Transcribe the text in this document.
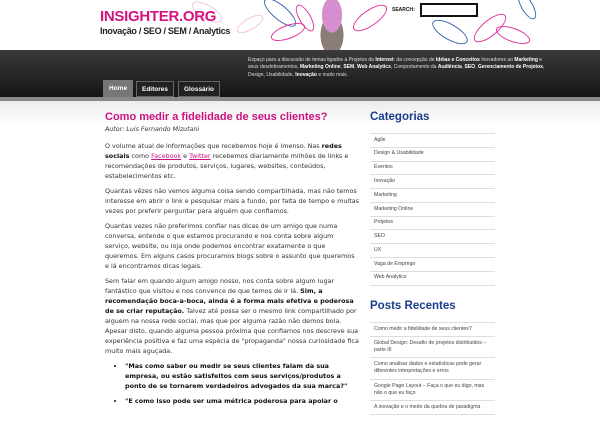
INSIGHTER.ORG
Inovação / SEO / SEM / Analytics
SEARCH:
Espaço para a discussão de temas ligados à Projetos da Internet: da concepção de Idéias e Conceitos Inovadores ao Marketing e seus desdobramentos, Marketing Online, SEM, Web Analytics, Comportamento da Audiência, SEO, Gerenciamento de Projetos, Design, Usabilidade, Inovação e muito mais.
Home	Editores	Glossário
Como medir a fidelidade de seus clientes?
Autor: Luis Fernando Mizutani

O volume atual de informações que recebemos hoje é imenso. Nas redes sociais como Facebook e Twitter recebemos diariamente milhões de links e recomendações de produtos, serviços, lugares, websites, conteúdos, estabelecimentos etc.

Quantas vêzes não vemos alguma coisa sendo compartilhada, mas não temos interesse em abrir o link e pesquisar mais a fundo, por falta de tempo e muitas vezes por preferir perguntar para alguém que confiamos.

Quantas vezes não preferimos confiar nas dicas de um amigo que numa conversa, entende o que estamos procurando e nos conta sobre algum serviço, website, ou loja onde podemos encontrar exatamente o que queremos. Em alguns casos procuramos blogs sobre o assunto que queremos e lá encontramos dicas legais.

Sem falar em quando algum amigo nosso, nos conta sobre algum lugar fantástico que visitou e nos convence de que temos de ir lá. Sim, a recomendação boca-a-boca, ainda é a forma mais efetiva e poderosa de se criar reputação. Talvez até possa ser o mesmo link compartilhado por alguem na nossa rede social, mas que por alguma razão não demos bola. Apesar disto, quando alguma pessoa próxima que confiamos nos descreve sua experiência positiva e faz uma espécia de "propaganda" nossa curiosidade fica muito mais aguçada.

• "Mas como saber ou medir se seus clientes falam da sua empresa, ou estão satisfeitos com seus serviços/produtos a ponto de se tornarem verdadeiros advogados da sua marca?"
• "E como isso pode ser uma métrica poderosa para apoiar o
Categorias
Agile
Design & Usabilidade
Eventos
Inovação
Marketing
Marketing Online
Projetos
SEO
UX
Vaga de Emprego
Web Analytics
Posts Recentes
Como medir a fidelidade de seus clientes?
Global Design: Desafio de projetos distribuidos – parte III
Como analisar dados e estatísticas pode gerar diferentes interpretações e erros
Google Page Layout – Faça o que eu digo, mas não o que eu faço
A inovação e o medo da quebra de paradigma
